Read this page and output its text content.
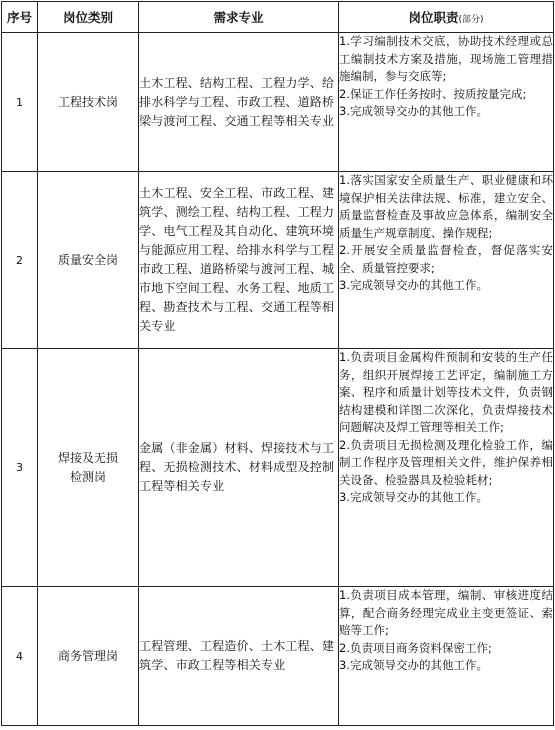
序号	岗位类别	需求专业	岗位职责(部分)
1	工程技术岗	土木工程、结构工程、工程力学、给排水科学与工程、市政工程、道路桥梁与渡河工程、交通工程等相关专业	1.学习编制技术交底，协助技术经理或总工编制技术方案及措施，现场施工管理措施编制，参与交底等;
2.保证工作任务按时、按质按量完成;
3.完成领导交办的其他工作。

2	质量安全岗	土木工程、安全工程、市政工程、建筑学、测绘工程、结构工程、工程力学、电气工程及其自动化、建筑环境与能源应用工程、给排水科学与工程市政工程、道路桥梁与渡河工程、城市地下空间工程、水务工程、地质工程、勘查技术与工程、交通工程等相关专业	1.落实国家安全质量生产、职业健康和环境保护相关法律法规、标准，建立安全、质量监督检查及事故应急体系，编制安全质量生产规章制度、操作规程;
2.开展安全质量监督检查，督促落实安全、质量管控要求;
3.完成领导交办的其他工作。

3	焊接及无损检测岗	金属（非金属）材料、焊接技术与工程、无损检测技术、材料成型及控制工程等相关专业	1.负责项目金属构件预制和安装的生产任务，组织开展焊接工艺评定，编制施工方案、程序和质量计划等技术文件，负责钢结构建模和详图二次深化，负责焊接技术问题解决及焊工管理等相关工作;
2.负责项目无损检测及理化检验工作，编制工作程序及管理相关文件，维护保养相关设备、检验器具及检验耗材;
3.完成领导交办的其他工作。

4	商务管理岗	工程管理、工程造价、土木工程、建筑学、市政工程等相关专业	1.负责项目成本管理，编制、审核进度结算，配合商务经理完成业主变更签证、索赔等工作;
2.负责项目商务资料保密工作;
3.完成领导交办的其他工作。
